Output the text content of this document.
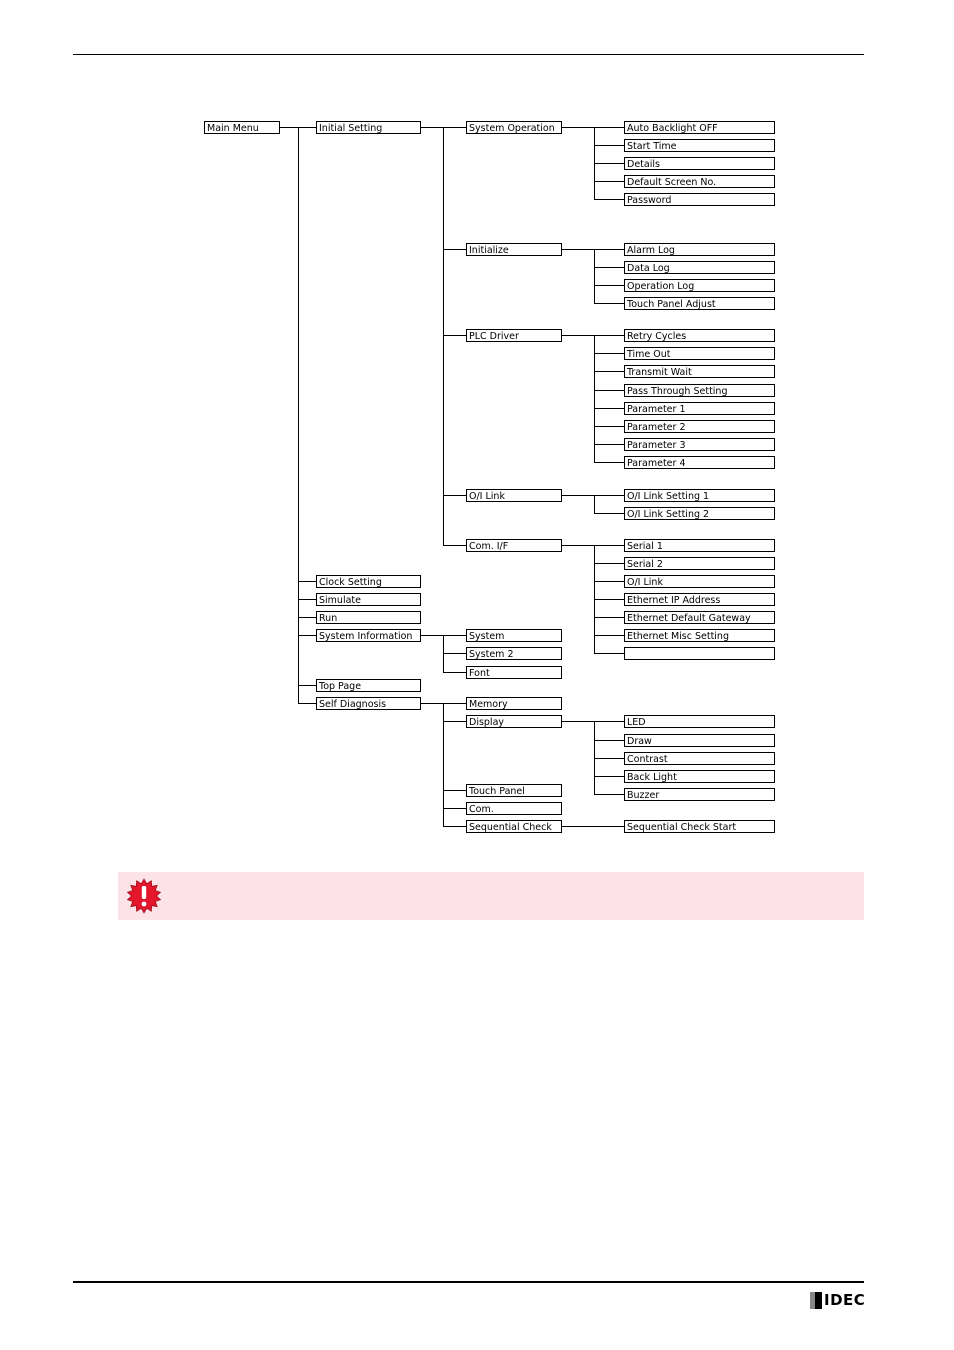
Main Menu	Initial Setting	System Operation	Auto Backlight OFF
Start Time
Details
Default Screen No.
Password
Initialize	Alarm Log
Data Log
Operation Log
Touch Panel Adjust
PLC Driver	Retry Cycles
Time Out
Transmit Wait
Pass Through Setting
Parameter 1
Parameter 2
Parameter 3
Parameter 4
O/I Link	O/I Link Setting 1
O/I Link Setting 2
Com. I/F	Serial 1
Serial 2
O/I Link
Ethernet IP Address
Ethernet Default Gateway
Ethernet Misc Setting
Clock Setting
Simulate
Run
System Information	System
System 2
Font
Top Page
Self Diagnosis	Memory
Display	LED
Draw
Contrast
Back Light
Buzzer
Touch Panel
Com.
Sequential Check	Sequential Check Start
IDEC
